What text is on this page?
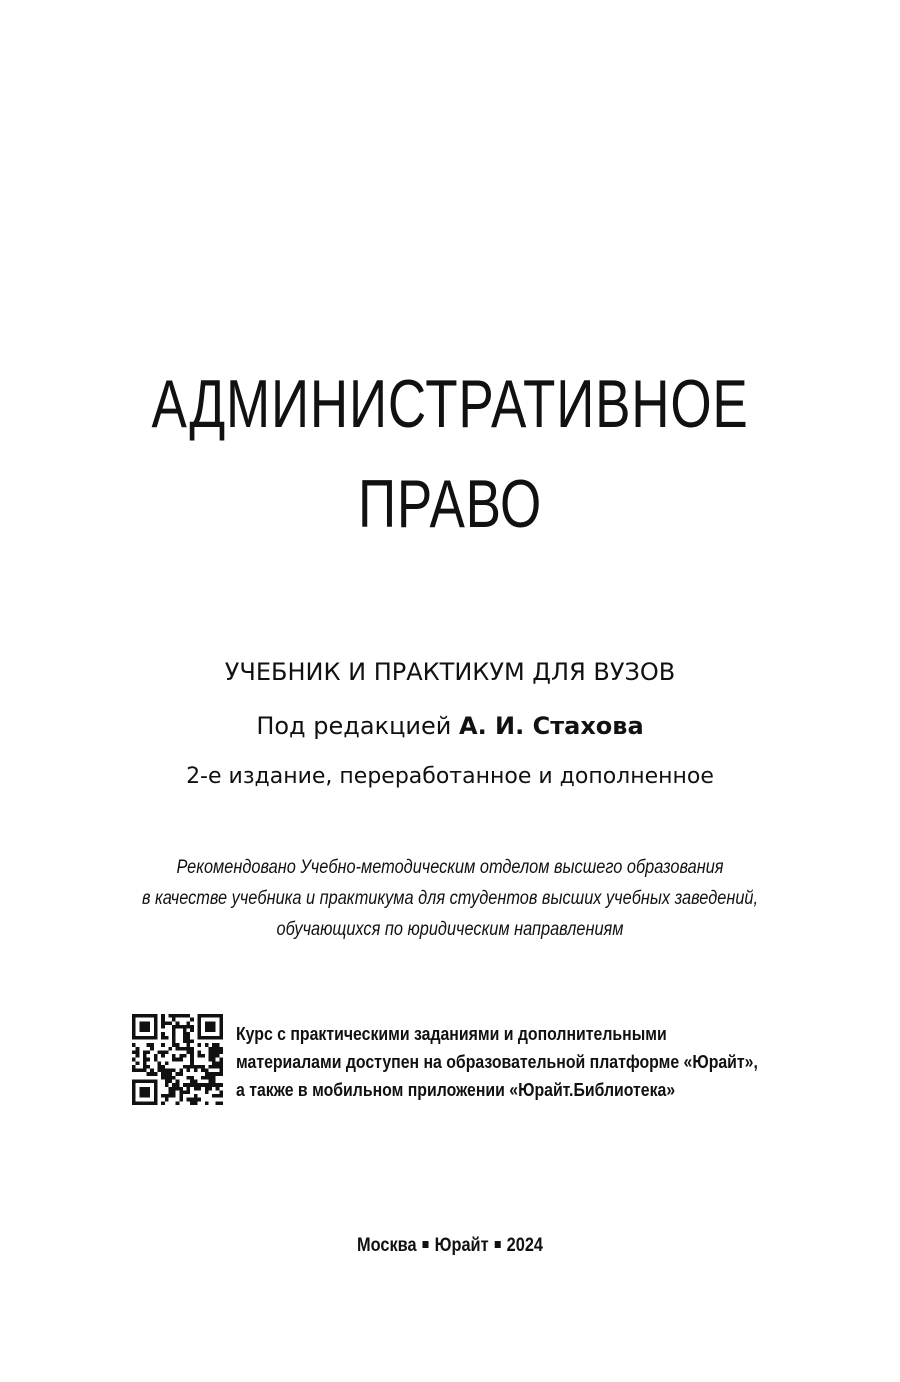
АДМИНИСТРАТИВНОЕ
ПРАВО
УЧЕБНИК И ПРАКТИКУМ ДЛЯ ВУЗОВ
Под редакцией А. И. Стахова
2-е издание, переработанное и дополненное
Рекомендовано Учебно-методическим отделом высшего образования
в качестве учебника и практикума для студентов высших учебных заведений,
обучающихся по юридическим направлениям
Курс с практическими заданиями и дополнительными
материалами доступен на образовательной платформе «Юрайт»,
а также в мобильном приложении «Юрайт.Библиотека»
Москва Юрайт 2024
